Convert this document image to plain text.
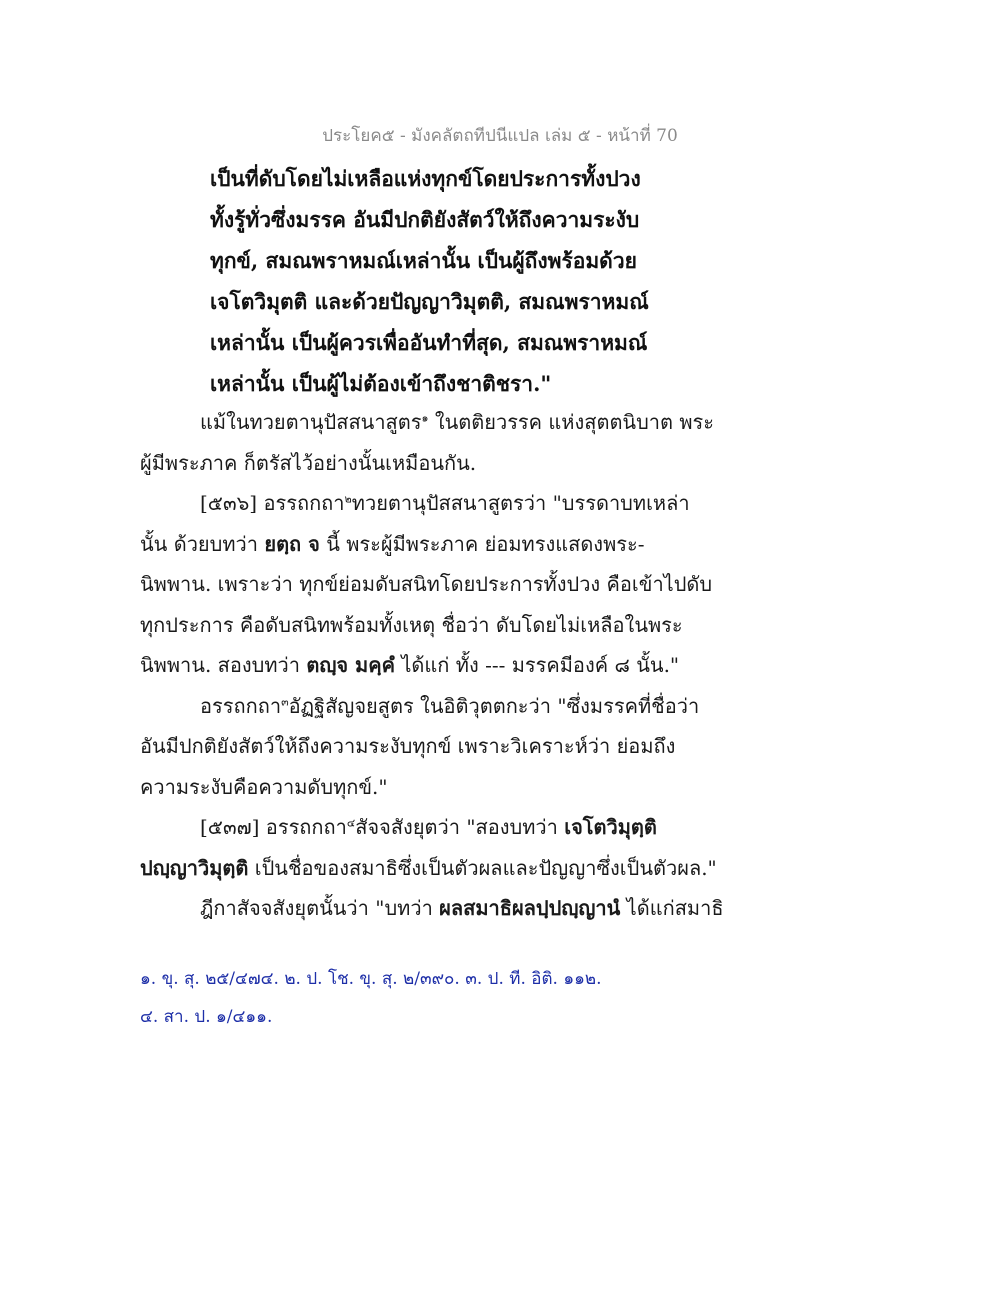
ประโยค๕ - มังคลัตถทีปนีแปล เล่ม ๕ - หน้าที่ 70
เป็นที่ดับโดยไม่เหลือแห่งทุกข์โดยประการทั้งปวง
ทั้งรู้ทั่วซึ่งมรรค อันมีปกติยังสัตว์ให้ถึงความระงับ
ทุกข์, สมณพราหมณ์เหล่านั้น เป็นผู้ถึงพร้อมด้วย
เจโตวิมุตติ และด้วยปัญญาวิมุตติ, สมณพราหมณ์
เหล่านั้น เป็นผู้ควรเพื่ออันทำที่สุด, สมณพราหมณ์
เหล่านั้น เป็นผู้ไม่ต้องเข้าถึงชาติชรา."
แม้ในทวยตานุปัสสนาสูตร$^๑$ ในตติยวรรค แห่งสุตตนิบาต พระ
ผู้มีพระภาค ก็ตรัสไว้อย่างนั้นเหมือนกัน.
[๕๓๖] อรรถกถา$^๒$ทวยตานุปัสสนาสูตรว่า "บรรดาบทเหล่า
นั้น ด้วยบทว่า ยตฺถ จ นี้ พระผู้มีพระภาค ย่อมทรงแสดงพระ-
นิพพาน. เพราะว่า ทุกข์ย่อมดับสนิทโดยประการทั้งปวง คือเข้าไปดับ
ทุกประการ คือดับสนิทพร้อมทั้งเหตุ ชื่อว่า ดับโดยไม่เหลือในพระ
นิพพาน. สองบทว่า ตญฺจ มคฺคํ ได้แก่ ทั้ง --- มรรคมีองค์ ๘ นั้น."
อรรถกถา$^๓$อัฏฐิสัญจยสูตร ในอิติวุตตกะว่า "ซึ่งมรรคที่ชื่อว่า
อันมีปกติยังสัตว์ให้ถึงความระงับทุกข์ เพราะวิเคราะห์ว่า ย่อมถึง
ความระงับคือความดับทุกข์."
[๕๓๗] อรรถกถา$^๔$สัจจสังยุตว่า "สองบทว่า เจโตวิมุตฺติ
ปญฺญาวิมุตฺติ เป็นชื่อของสมาธิซึ่งเป็นตัวผลและปัญญาซึ่งเป็นตัวผล."
ฎีกาสัจจสังยุตนั้นว่า "บทว่า ผลสมาธิผลปฺปญฺญานํ ได้แก่สมาธิ
๑. ขุ. สุ. ๒๕/๔๗๔. ๒. ป. โช. ขุ. สุ. ๒/๓๙๐. ๓. ป. ที. อิติ. ๑๑๒.
๔. สา. ป. ๑/๔๑๑.
